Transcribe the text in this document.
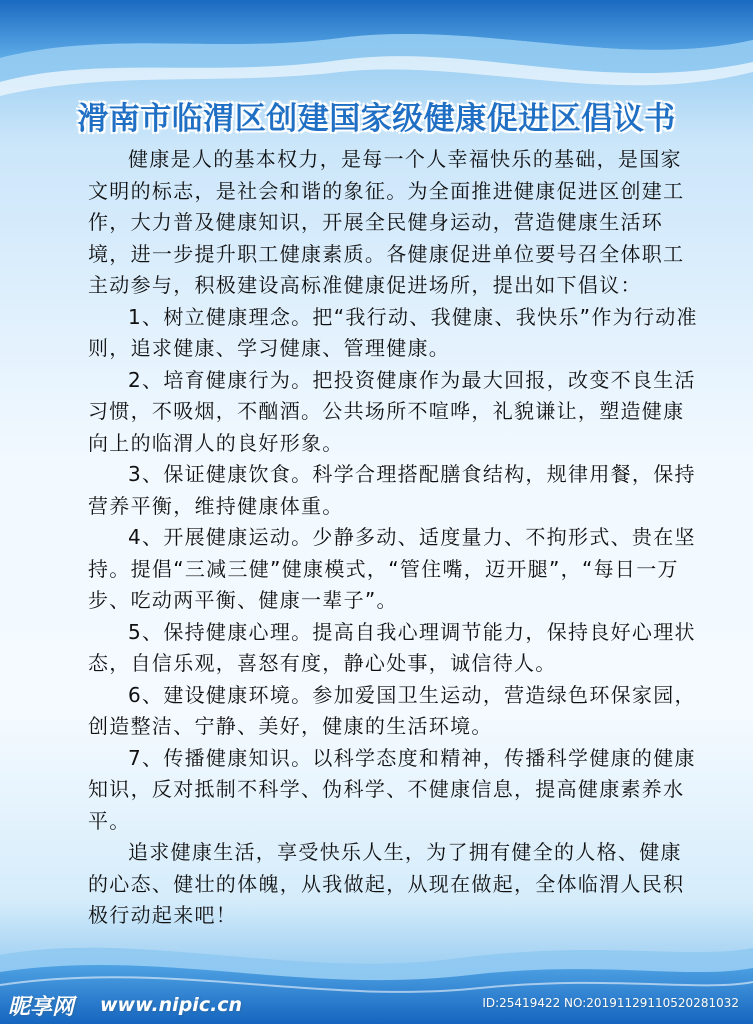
滑南市临渭区创建国家级健康促进区倡议书

健康是人的基本权力，是每一个人幸福快乐的基础，是国家文明的标志，是社会和谐的象征。为全面推进健康促进区创建工作，大力普及健康知识，开展全民健身运动，营造健康生活环境，进一步提升职工健康素质。各健康促进单位要号召全体职工主动参与，积极建设高标准健康促进场所，提出如下倡议：

1、树立健康理念。把“我行动、我健康、我快乐”作为行动准则，追求健康、学习健康、管理健康。

2、培育健康行为。把投资健康作为最大回报，改变不良生活习惯，不吸烟，不酗酒。公共场所不喧哗，礼貌谦让，塑造健康向上的临渭人的良好形象。

3、保证健康饮食。科学合理搭配膳食结构，规律用餐，保持营养平衡，维持健康体重。

4、开展健康运动。少静多动、适度量力、不拘形式、贵在坚持。提倡“三减三健”健康模式，“管住嘴，迈开腿”，“每日一万步、吃动两平衡、健康一辈子”。

5、保持健康心理。提高自我心理调节能力，保持良好心理状态，自信乐观，喜怒有度，静心处事，诚信待人。

6、建设健康环境。参加爱国卫生运动，营造绿色环保家园，创造整洁、宁静、美好，健康的生活环境。

7、传播健康知识。以科学态度和精神，传播科学健康的健康知识，反对抵制不科学、伪科学、不健康信息，提高健康素养水平。

追求健康生活，享受快乐人生，为了拥有健全的人格、健康的心态、健壮的体魄，从我做起，从现在做起，全体临渭人民积极行动起来吧！

昵享网 www.nipic.cn	ID:25419422 NO:20191129110520281032
